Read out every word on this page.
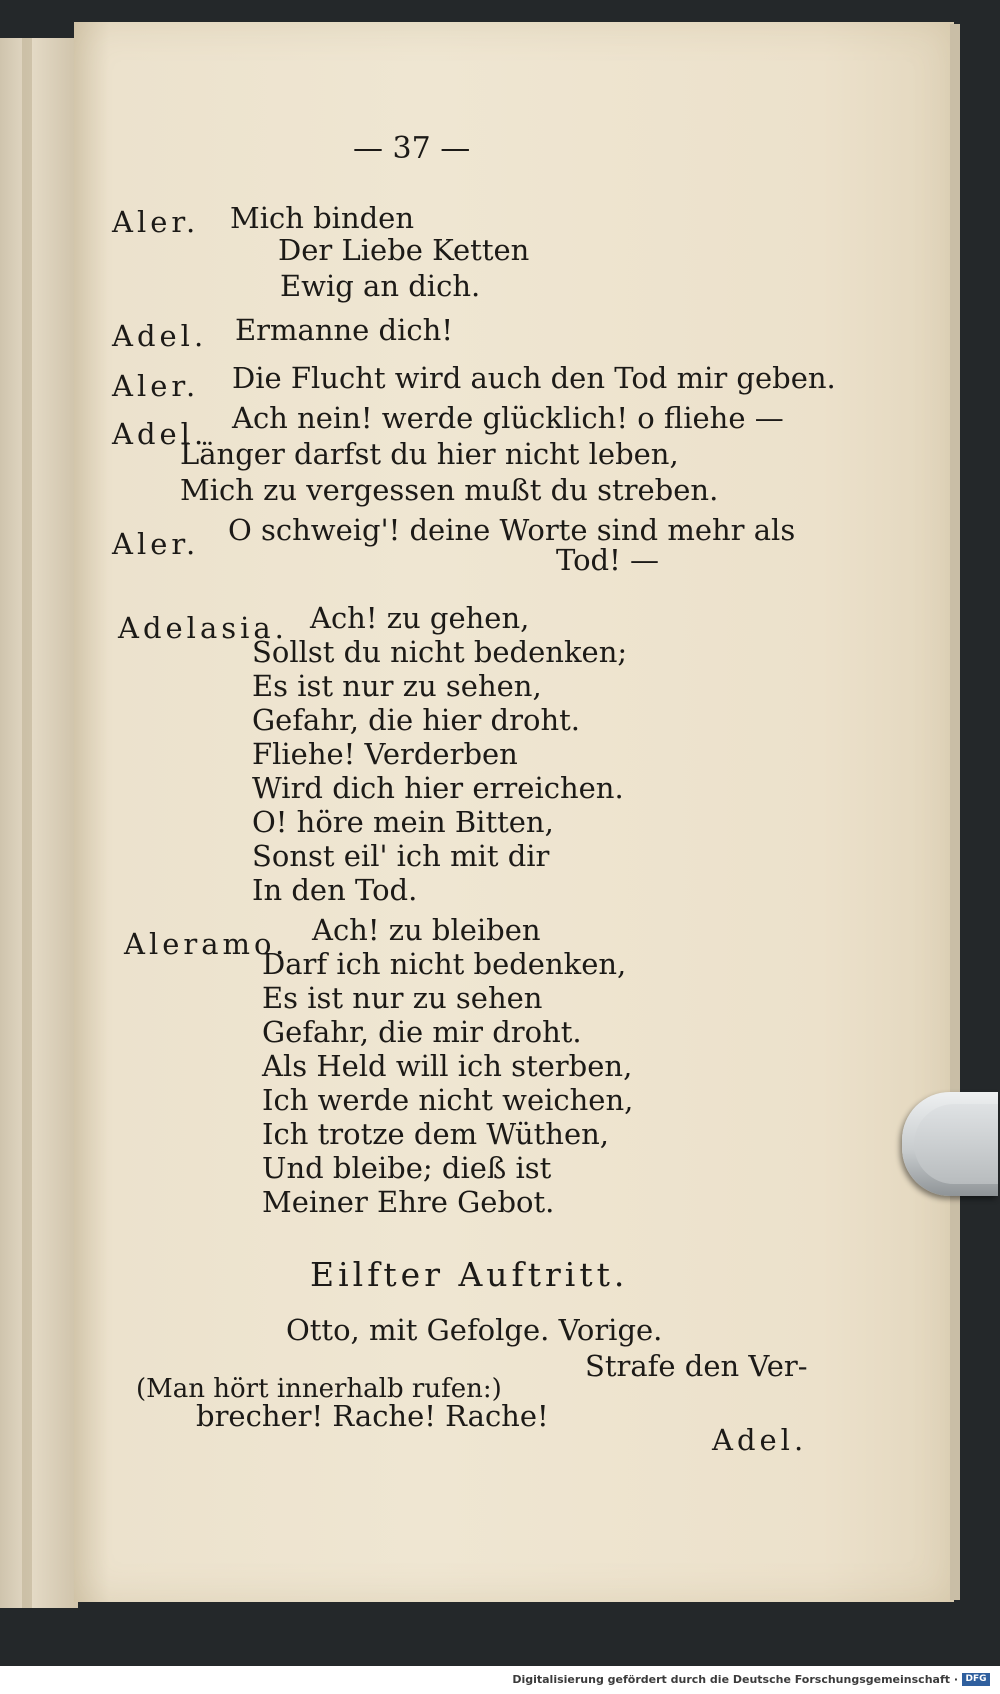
— 37 —
Aler. Mich binden
Der Liebe Ketten
Ewig an dich.
Adel. Ermanne dich!
Aler. Die Flucht wird auch den Tod mir geben.
Adel. Ach nein! werde glücklich! o fliehe —
Länger darfst du hier nicht leben,
Mich zu vergessen mußt du streben.
Aler. O schweig'! deine Worte sind mehr als
Tod! —
Adelasia. Ach! zu gehen,
Sollst du nicht bedenken;
Es ist nur zu sehen,
Gefahr, die hier droht.
Fliehe! Verderben
Wird dich hier erreichen.
O! höre mein Bitten,
Sonst eil' ich mit dir
In den Tod.
Aleramo. Ach! zu bleiben
Darf ich nicht bedenken,
Es ist nur zu sehen
Gefahr, die mir droht.
Als Held will ich sterben,
Ich werde nicht weichen,
Ich trotze dem Wüthen,
Und bleibe; dieß ist
Meiner Ehre Gebot.
Eilfter Auftritt.
Otto, mit Gefolge. Vorige.
(Man hört innerhalb rufen:)
Strafe den Ver-
brecher! Rache! Rache!
Adel.
Digitalisierung gefördert durch die Deutsche Forschungsgemeinschaft · DFG
